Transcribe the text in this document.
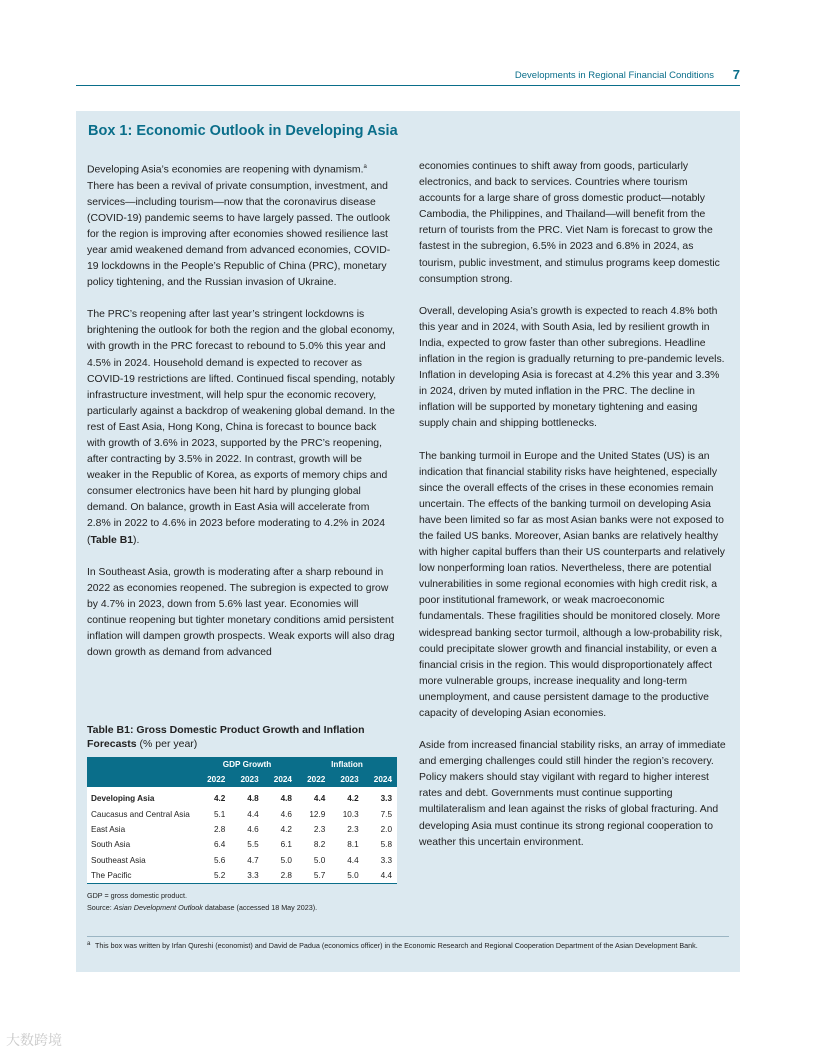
Developments in Regional Financial Conditions 7
Box 1: Economic Outlook in Developing Asia

Developing Asia’s economies are reopening with dynamism.$^a$ There has been a revival of private consumption, investment, and services—including tourism—now that the coronavirus disease (COVID-19) pandemic seems to have largely passed. The outlook for the region is improving after economies showed resilience last year amid weakened demand from advanced economies, COVID-19 lockdowns in the People’s Republic of China (PRC), monetary policy tightening, and the Russian invasion of Ukraine.

The PRC’s reopening after last year’s stringent lockdowns is brightening the outlook for both the region and the global economy, with growth in the PRC forecast to rebound to 5.0% this year and 4.5% in 2024. Household demand is expected to recover as COVID-19 restrictions are lifted. Continued fiscal spending, notably infrastructure investment, will help spur the economic recovery, particularly against a backdrop of weakening global demand. In the rest of East Asia, Hong Kong, China is forecast to bounce back with growth of 3.6% in 2023, supported by the PRC’s reopening, after contracting by 3.5% in 2022. In contrast, growth will be weaker in the Republic of Korea, as exports of memory chips and consumer electronics have been hit hard by plunging global demand. On balance, growth in East Asia will accelerate from 2.8% in 2022 to 4.6% in 2023 before moderating to 4.2% in 2024 (Table B1).

In Southeast Asia, growth is moderating after a sharp rebound in 2022 as economies reopened. The subregion is expected to grow by 4.7% in 2023, down from 5.6% last year. Economies will continue reopening but tighter monetary conditions amid persistent inflation will dampen growth prospects. Weak exports will also drag down growth as demand from advanced

economies continues to shift away from goods, particularly electronics, and back to services. Countries where tourism accounts for a large share of gross domestic product—notably Cambodia, the Philippines, and Thailand—will benefit from the return of tourists from the PRC. Viet Nam is forecast to grow the fastest in the subregion, 6.5% in 2023 and 6.8% in 2024, as tourism, public investment, and stimulus programs keep domestic consumption strong.

Overall, developing Asia’s growth is expected to reach 4.8% both this year and in 2024, with South Asia, led by resilient growth in India, expected to grow faster than other subregions. Headline inflation in the region is gradually returning to pre-pandemic levels. Inflation in developing Asia is forecast at 4.2% this year and 3.3% in 2024, driven by muted inflation in the PRC. The decline in inflation will be supported by monetary tightening and easing supply chain and shipping bottlenecks.

The banking turmoil in Europe and the United States (US) is an indication that financial stability risks have heightened, especially since the overall effects of the crises in these economies remain uncertain. The effects of the banking turmoil on developing Asia have been limited so far as most Asian banks were not exposed to the failed US banks. Moreover, Asian banks are relatively healthy with higher capital buffers than their US counterparts and relatively low nonperforming loan ratios. Nevertheless, there are potential vulnerabilities in some regional economies with high credit risk, a poor institutional framework, or weak macroeconomic fundamentals. These fragilities should be monitored closely. More widespread banking sector turmoil, although a low-probability risk, could precipitate slower growth and financial instability, or even a financial crisis in the region. This would disproportionately affect more vulnerable groups, increase inequality and long-term unemployment, and cause persistent damage to the productive capacity of developing Asian economies.

Aside from increased financial stability risks, an array of immediate and emerging challenges could still hinder the region’s recovery. Policy makers should stay vigilant with regard to higher interest rates and debt. Governments must continue supporting multilateralism and lean against the risks of global fracturing. And developing Asia must continue its strong regional cooperation to weather this uncertain environment.

Table B1: Gross Domestic Product Growth and Inflation Forecasts (% per year)
	GDP Growth			Inflation		
	2022	2023	2024	2022	2023	2024
Developing Asia	4.2	4.8	4.8	4.4	4.2	3.3
Caucasus and Central Asia	5.1	4.4	4.6	12.9	10.3	7.5
East Asia	2.8	4.6	4.2	2.3	2.3	2.0
South Asia	6.4	5.5	6.1	8.2	8.1	5.8
Southeast Asia	5.6	4.7	5.0	5.0	4.4	3.3
The Pacific	5.2	3.3	2.8	5.7	5.0	4.4
GDP = gross domestic product.
Source: Asian Development Outlook database (accessed 18 May 2023).
a This box was written by Irfan Qureshi (economist) and David de Padua (economics officer) in the Economic Research and Regional Cooperation Department of the Asian Development Bank.
大数跨境
